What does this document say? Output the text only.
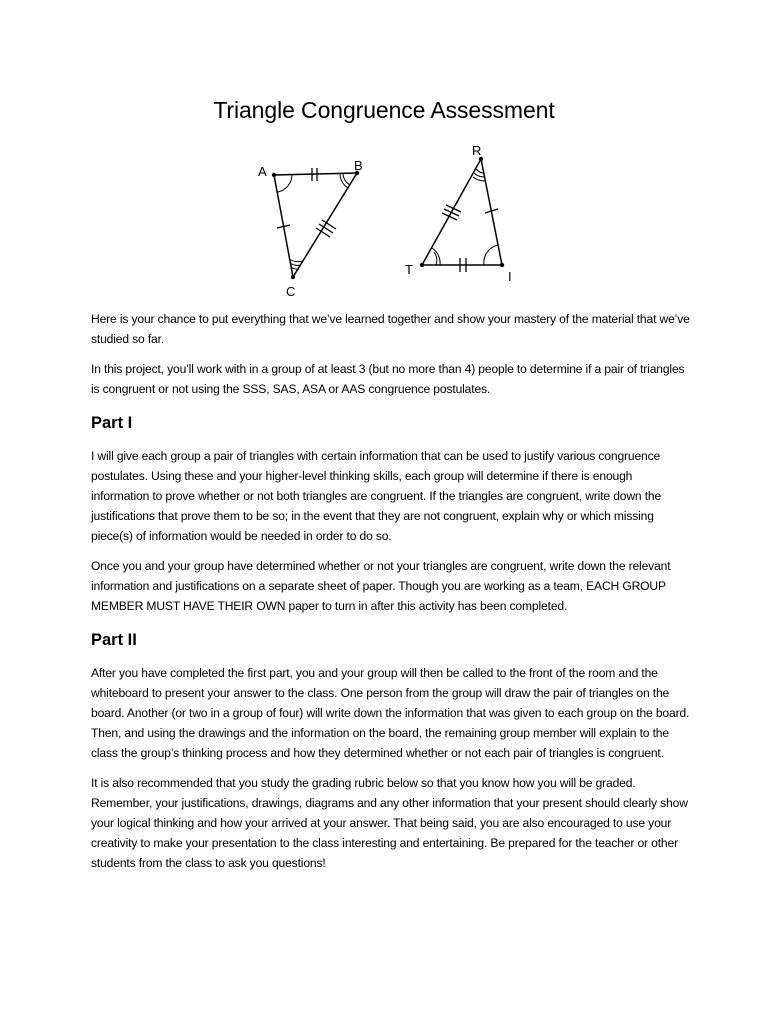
Triangle Congruence Assessment
A	B
C
R
T	I

Here is your chance to put everything that we’ve learned together and show your mastery of the material that we’ve studied so far.

In this project, you’ll work with in a group of at least 3 (but no more than 4) people to determine if a pair of triangles is congruent or not using the SSS, SAS, ASA or AAS congruence postulates.

Part I

I will give each group a pair of triangles with certain information that can be used to justify various congruence postulates. Using these and your higher-level thinking skills, each group will determine if there is enough information to prove whether or not both triangles are congruent. If the triangles are congruent, write down the justifications that prove them to be so; in the event that they are not congruent, explain why or which missing piece(s) of information would be needed in order to do so.

Once you and your group have determined whether or not your triangles are congruent, write down the relevant information and justifications on a separate sheet of paper. Though you are working as a team, EACH GROUP MEMBER MUST HAVE THEIR OWN paper to turn in after this activity has been completed.

Part II

After you have completed the first part, you and your group will then be called to the front of the room and the whiteboard to present your answer to the class. One person from the group will draw the pair of triangles on the board. Another (or two in a group of four) will write down the information that was given to each group on the board. Then, and using the drawings and the information on the board, the remaining group member will explain to the class the group’s thinking process and how they determined whether or not each pair of triangles is congruent.

It is also recommended that you study the grading rubric below so that you know how you will be graded. Remember, your justifications, drawings, diagrams and any other information that your present should clearly show your logical thinking and how your arrived at your answer. That being said, you are also encouraged to use your creativity to make your presentation to the class interesting and entertaining. Be prepared for the teacher or other students from the class to ask you questions!
